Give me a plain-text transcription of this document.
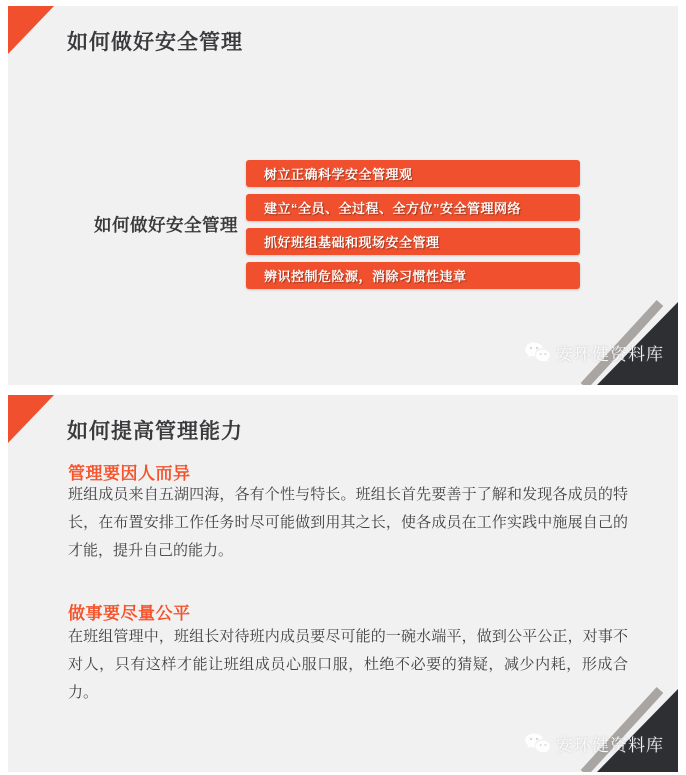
如何做好安全管理
如何做好安全管理
树立正确科学安全管理观
建立“全员、全过程、全方位”安全管理网络
抓好班组基础和现场安全管理
辨识控制危险源，消除习惯性违章
安环健资料库
如何提高管理能力
管理要因人而异

班组成员来自五湖四海，各有个性与特长。班组长首先要善于了解和发现各成员的特长，在布置安排工作任务时尽可能做到用其之长，使各成员在工作实践中施展自己的才能，提升自己的能力。

做事要尽量公平

在班组管理中，班组长对待班内成员要尽可能的一碗水端平，做到公平公正，对事不对人，只有这样才能让班组成员心服口服，杜绝不必要的猜疑，减少内耗，形成合力。

安环健资料库
